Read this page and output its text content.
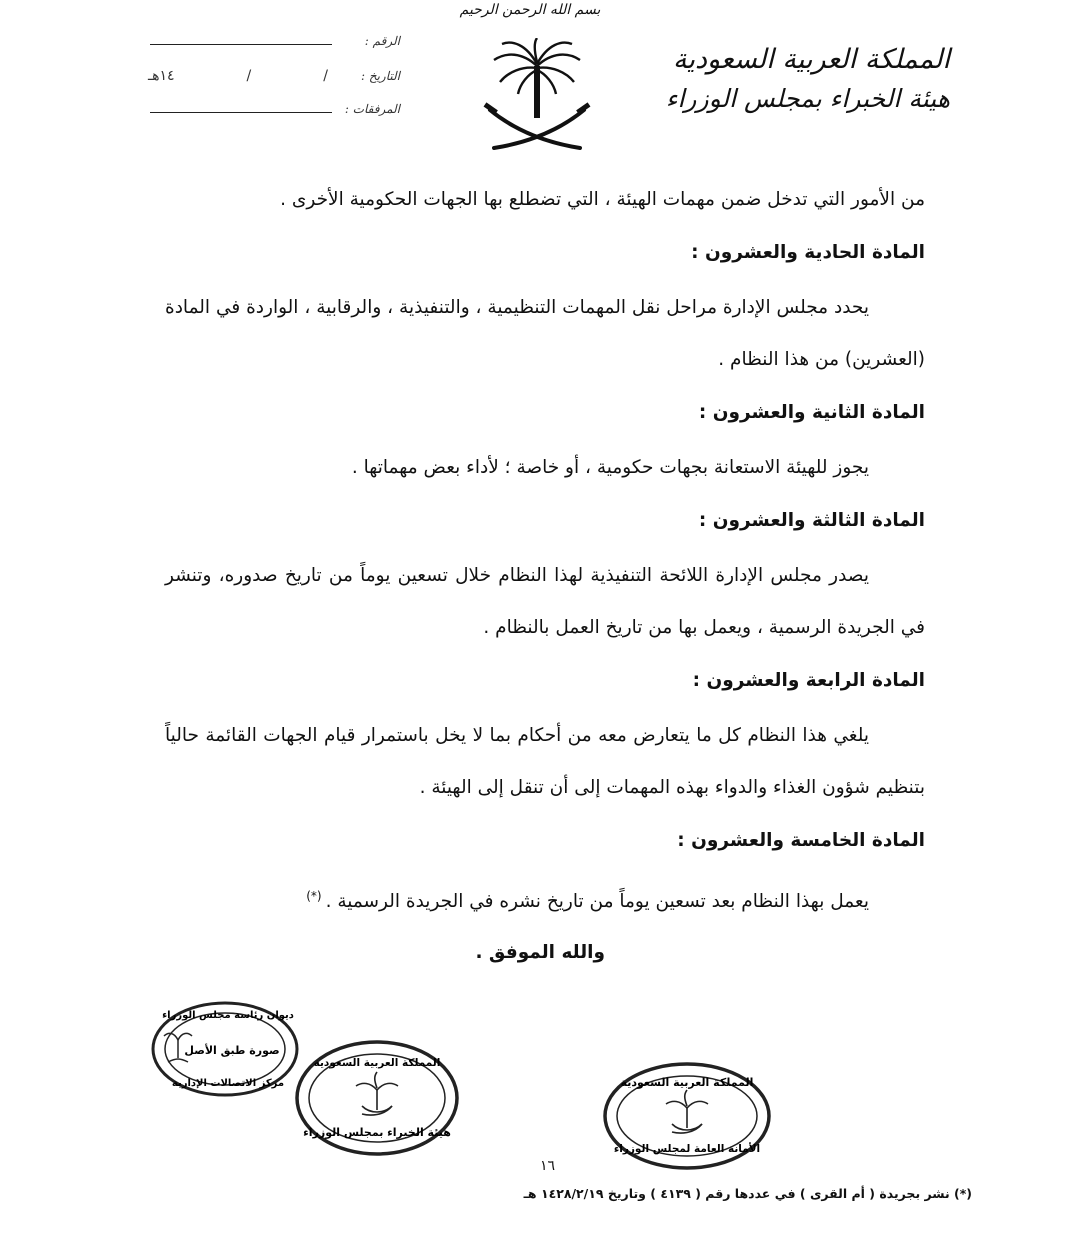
بسم الله الرحمن الرحيم
المملكة العربية السعودية
هيئة الخبراء بمجلس الوزراء
الرقم :
التاريخ :
١٤هـ	/	/
المرفقات :

من الأمور التي تدخل ضمن مهمات الهيئة ، التي تضطلع بها الجهات الحكومية الأخرى .

المادة الحادية والعشرون :

يحدد مجلس الإدارة مراحل نقل المهمات التنظيمية ، والتنفيذية ، والرقابية ، الواردة في المادة (العشرين) من هذا النظام .

المادة الثانية والعشرون :

يجوز للهيئة الاستعانة بجهات حكومية ، أو خاصة ؛ لأداء بعض مهماتها .

المادة الثالثة والعشرون :

يصدر مجلس الإدارة اللائحة التنفيذية لهذا النظام خلال تسعين يوماً من تاريخ صدوره، وتنشر في الجريدة الرسمية ، ويعمل بها من تاريخ العمل بالنظام .

المادة الرابعة والعشرون :

يلغي هذا النظام كل ما يتعارض معه من أحكام بما لا يخل باستمرار قيام الجهات القائمة حالياً بتنظيم شؤون الغذاء والدواء بهذه المهمات إلى أن تنقل إلى الهيئة .

المادة الخامسة والعشرون :

يعمل بهذا النظام بعد تسعين يوماً من تاريخ نشره في الجريدة الرسمية .(*)

والله الموفق .
ديوان رئاسة مجلس الوزراء
صورة طبق الأصل
مركز الاتصالات الإدارية
المملكة العربية السعودية
هيئة الخبراء بمجلس الوزراء
المملكة العربية السعودية
الأمانة العامة لمجلس الوزراء
١٦
(*) نشر بجريدة ( أم القرى ) في عددها رقم ( ٤١٣٩ ) وتاريخ ١٤٢٨/٢/١٩ هـ
